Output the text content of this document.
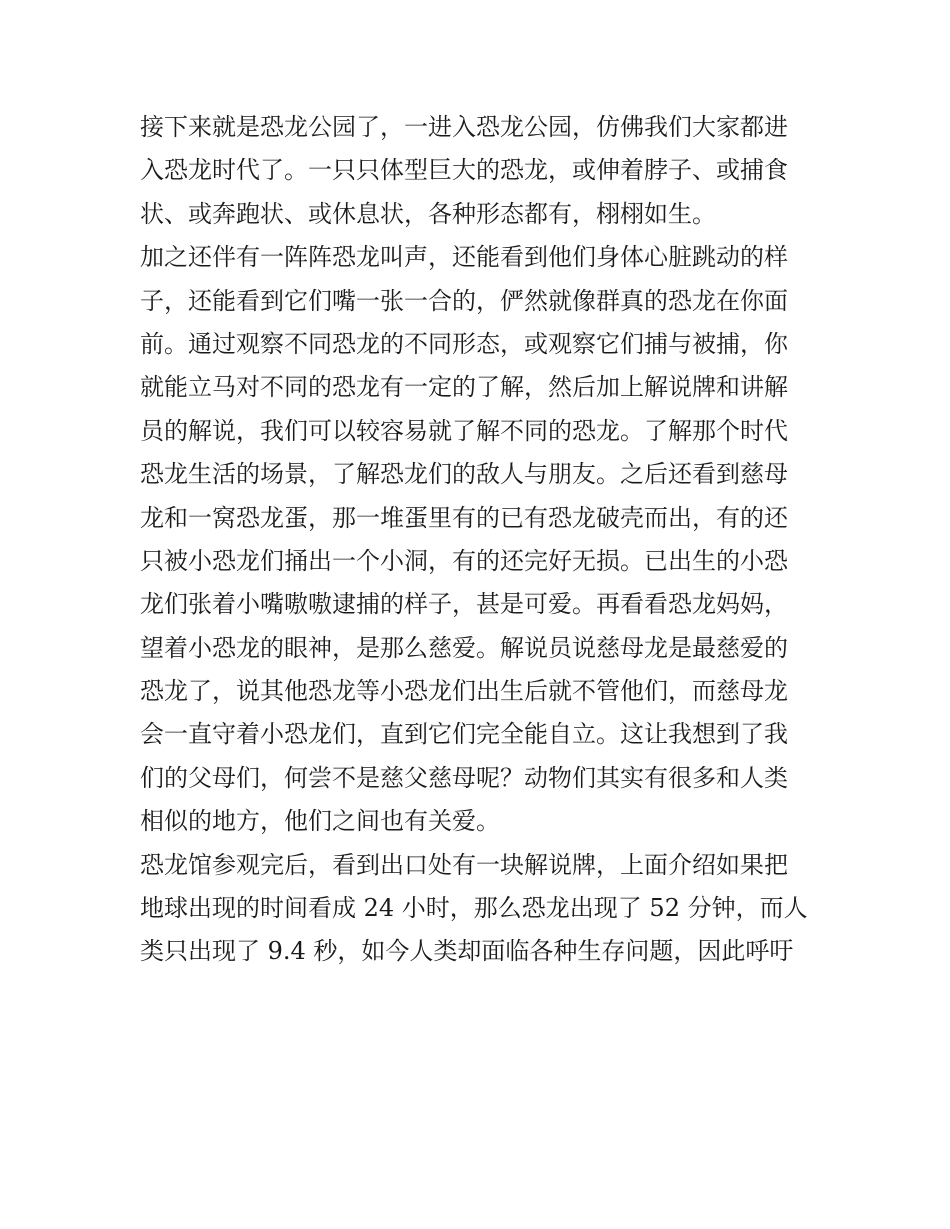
接下来就是恐龙公园了，一进入恐龙公园，仿佛我们大家都进
入恐龙时代了。一只只体型巨大的恐龙，或伸着脖子、或捕食
状、或奔跑状、或休息状，各种形态都有，栩栩如生。
加之还伴有一阵阵恐龙叫声，还能看到他们身体心脏跳动的样
子，还能看到它们嘴一张一合的，俨然就像群真的恐龙在你面
前。通过观察不同恐龙的不同形态，或观察它们捕与被捕，你
就能立马对不同的恐龙有一定的了解，然后加上解说牌和讲解
员的解说，我们可以较容易就了解不同的恐龙。了解那个时代
恐龙生活的场景，了解恐龙们的敌人与朋友。之后还看到慈母
龙和一窝恐龙蛋，那一堆蛋里有的已有恐龙破壳而出，有的还
只被小恐龙们捅出一个小洞，有的还完好无损。已出生的小恐
龙们张着小嘴嗷嗷逮捕的样子，甚是可爱。再看看恐龙妈妈，
望着小恐龙的眼神，是那么慈爱。解说员说慈母龙是最慈爱的
恐龙了，说其他恐龙等小恐龙们出生后就不管他们，而慈母龙
会一直守着小恐龙们，直到它们完全能自立。这让我想到了我
们的父母们，何尝不是慈父慈母呢？动物们其实有很多和人类
相似的地方，他们之间也有关爱。
恐龙馆参观完后，看到出口处有一块解说牌，上面介绍如果把
地球出现的时间看成 24 小时，那么恐龙出现了 52 分钟，而人
类只出现了 9.4 秒，如今人类却面临各种生存问题，因此呼吁
